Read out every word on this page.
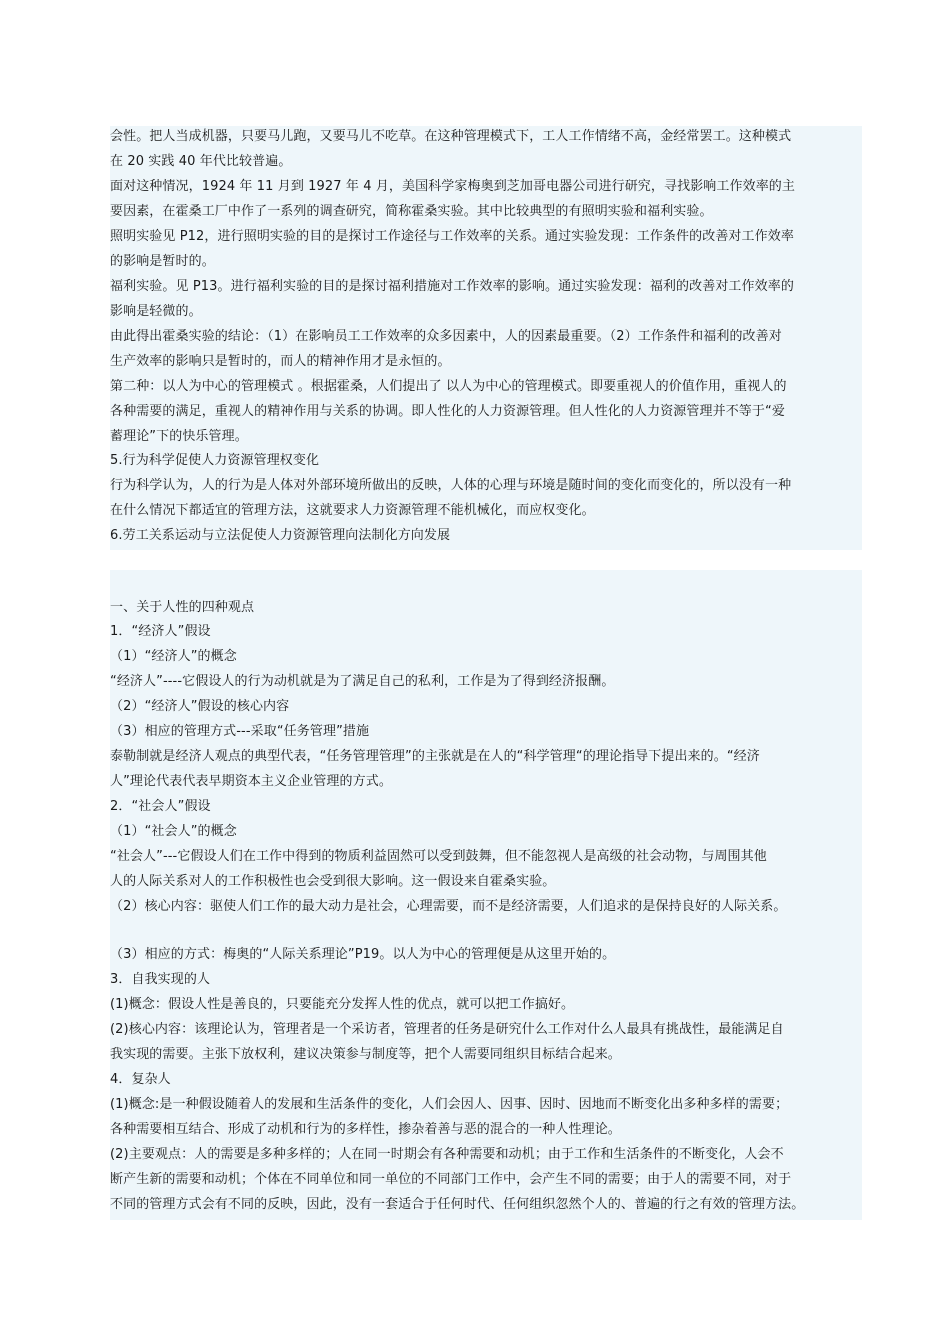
会性。把人当成机器，只要马儿跑，又要马儿不吃草。在这种管理模式下，工人工作情绪不高，金经常罢工。这种模式
在 20 实践 40 年代比较普遍。
面对这种情况，1924 年 11 月到 1927 年 4 月，美国科学家梅奥到芝加哥电器公司进行研究，寻找影响工作效率的主
要因素，在霍桑工厂中作了一系列的调查研究，简称霍桑实验。其中比较典型的有照明实验和福利实验。
照明实验见 P12，进行照明实验的目的是探讨工作途径与工作效率的关系。通过实验发现：工作条件的改善对工作效率
的影响是暂时的。
福利实验。见 P13。进行福利实验的目的是探讨福利措施对工作效率的影响。通过实验发现：福利的改善对工作效率的
影响是轻微的。
由此得出霍桑实验的结论：（1）在影响员工工作效率的众多因素中，人的因素最重要。（2）工作条件和福利的改善对
生产效率的影响只是暂时的，而人的精神作用才是永恒的。
第二种：以人为中心的管理模式 。根据霍桑，人们提出了 以人为中心的管理模式。即要重视人的价值作用，重视人的
各种需要的满足，重视人的精神作用与关系的协调。即人性化的人力资源管理。但人性化的人力资源管理并不等于“爱
蓄理论”下的快乐管理。
5.行为科学促使人力资源管理权变化
行为科学认为，人的行为是人体对外部环境所做出的反映，人体的心理与环境是随时间的变化而变化的，所以没有一种
在什么情况下都适宜的管理方法，这就要求人力资源管理不能机械化，而应权变化。
6.劳工关系运动与立法促使人力资源管理向法制化方向发展
一、关于人性的四种观点
1．“经济人”假设
（1）“经济人”的概念
“经济人”----它假设人的行为动机就是为了满足自己的私利，工作是为了得到经济报酬。
（2）“经济人”假设的核心内容
（3）相应的管理方式---采取“任务管理”措施
泰勒制就是经济人观点的典型代表，“任务管理管理”的主张就是在人的“科学管理“的理论指导下提出来的。“经济
人”理论代表代表早期资本主义企业管理的方式。
2．“社会人”假设
（1）“社会人”的概念
“社会人”---它假设人们在工作中得到的物质利益固然可以受到鼓舞，但不能忽视人是高级的社会动物，与周围其他
人的人际关系对人的工作积极性也会受到很大影响。这一假设来自霍桑实验。
（2）核心内容：驱使人们工作的最大动力是社会，心理需要，而不是经济需要，人们追求的是保持良好的人际关系。
（3）相应的方式：梅奥的“人际关系理论”P19。以人为中心的管理便是从这里开始的。
3．自我实现的人
(1)概念：假设人性是善良的，只要能充分发挥人性的优点，就可以把工作搞好。
(2)核心内容：该理论认为，管理者是一个采访者，管理者的任务是研究什么工作对什么人最具有挑战性，最能满足自
我实现的需要。主张下放权利，建议决策参与制度等，把个人需要同组织目标结合起来。
4．复杂人
(1)概念:是一种假设随着人的发展和生活条件的变化，人们会因人、因事、因时、因地而不断变化出多种多样的需要；
各种需要相互结合、形成了动机和行为的多样性，掺杂着善与恶的混合的一种人性理论。
(2)主要观点：人的需要是多种多样的；人在同一时期会有各种需要和动机；由于工作和生活条件的不断变化，人会不
断产生新的需要和动机；个体在不同单位和同一单位的不同部门工作中，会产生不同的需要；由于人的需要不同，对于
不同的管理方式会有不同的反映，因此，没有一套适合于任何时代、任何组织忽然个人的、普遍的行之有效的管理方法。
